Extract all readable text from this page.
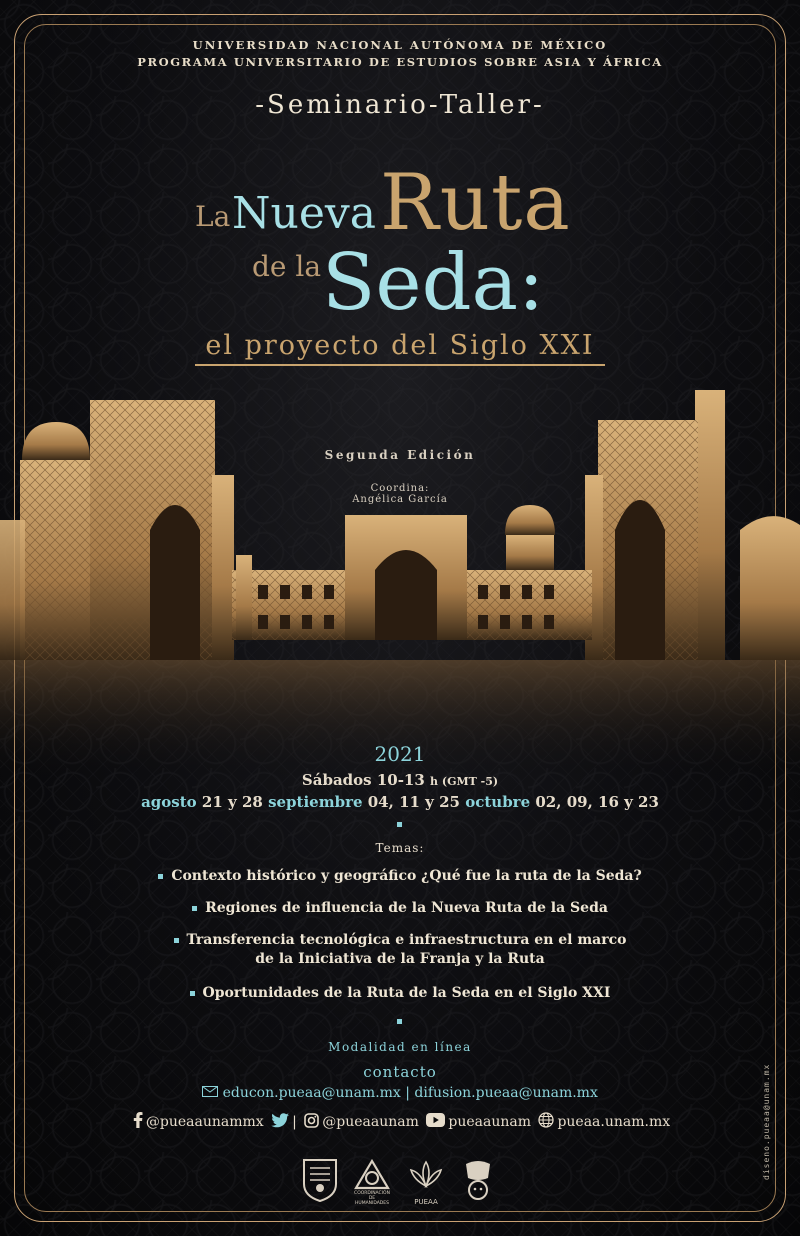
UNIVERSIDAD NACIONAL AUTÓNOMA DE MÉXICO
PROGRAMA UNIVERSITARIO DE ESTUDIOS SOBRE ASIA Y ÁFRICA
-Seminario-Taller-
La Nueva Ruta
de la Seda:
el proyecto del Siglo XXI
Segunda Edición
Coordina:
Angélica García
2021
Sábados 10-13 h (GMT -5)
agosto 21 y 28 septiembre 04, 11 y 25 octubre 02, 09, 16 y 23
Temas:
Contexto histórico y geográfico ¿Qué fue la ruta de la Seda?
Regiones de influencia de la Nueva Ruta de la Seda
Transferencia tecnológica e infraestructura en el marco
de la Iniciativa de la Franja y la Ruta
Oportunidades de la Ruta de la Seda en el Siglo XXI
Modalidad en línea
contacto
educon.pueaa@unam.mx | difusion.pueaa@unam.mx
@pueaaunammx | @pueaaunam pueaaunam pueaa.unam.mx
COORDINACIÓN DE HUMANIDADES	PUEAA
diseno.pueaa@unam.mx
